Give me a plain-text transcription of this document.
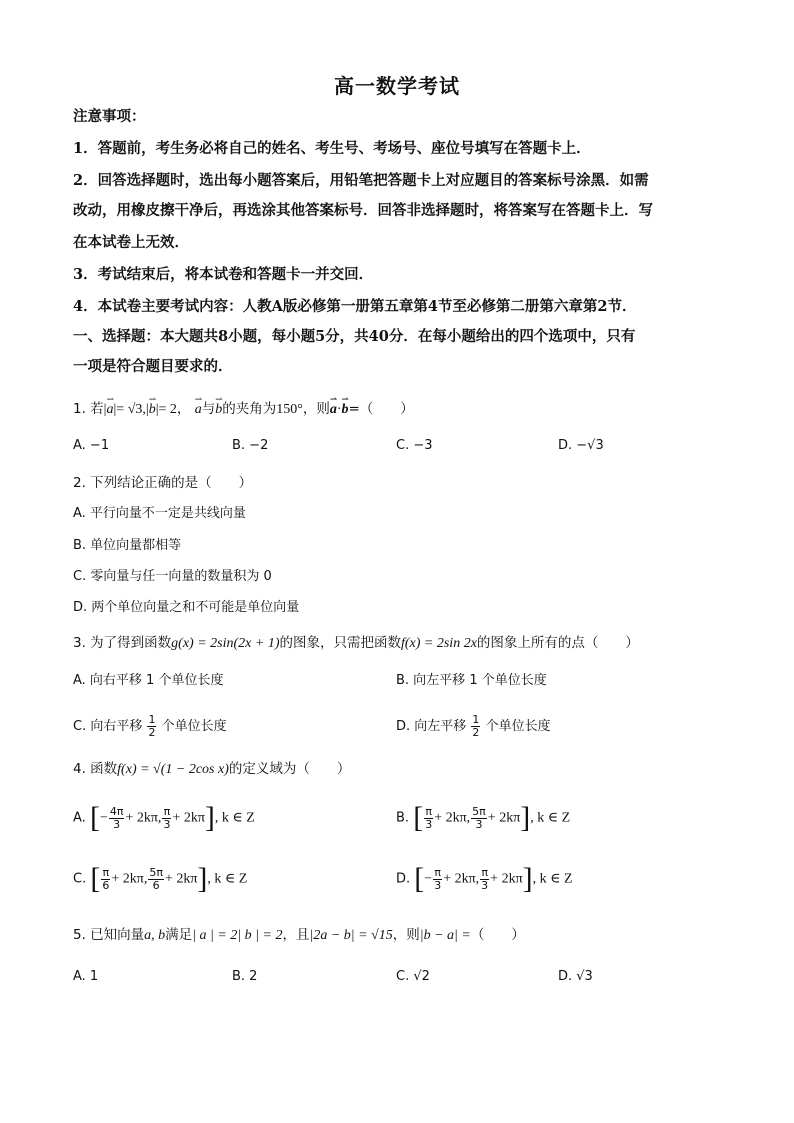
高一数学考试
注意事项：
1．答题前，考生务必将自己的姓名、考生号、考场号、座位号填写在答题卡上．
2．回答选择题时，选出每小题答案后，用铅笔把答题卡上对应题目的答案标号涂黑．如需
改动，用橡皮擦干净后，再选涂其他答案标号．回答非选择题时，将答案写在答题卡上．写
在本试卷上无效．
3．考试结束后，将本试卷和答题卡一并交回．
4．本试卷主要考试内容：人教A版必修第一册第五章第4节至必修第二册第六章第2节．
一、选择题：本大题共8小题，每小题5分，共40分．在每小题给出的四个选项中，只有
一项是符合题目要求的．
1. 若|⇀ a|= √3,|⇀ b|= 2， ⇀ a与⇀ b的夹角为150°，则⇀ a·⇀ b=（　　）
A. −1	B. −2	C. −3	D. −√3
2. 下列结论正确的是（　　）
A. 平行向量不一定是共线向量
B. 单位向量都相等
C. 零向量与任一向量的数量积为 0
D. 两个单位向量之和不可能是单位向量
3. 为了得到函数g(x) = 2sin(2x + 1)的图象，只需把函数f(x) = 2sin 2x的图象上所有的点（　　）
A. 向右平移 1 个单位长度	B. 向左平移 1 个单位长度
C. 向右平移 $\frac{1}{2}$ 个单位长度	D. 向左平移 $\frac{1}{2}$ 个单位长度
4. 函数f(x) = √(1 − 2cos x)的定义域为（　　）
A. [− $\frac{4\pi}{3} + 2k\pi$, $\frac{\pi}{3} + 2k\pi$], k ∈ Z	B. [ $\frac{\pi}{3} + 2k\pi$, $\frac{5\pi}{3} + 2k\pi$], k ∈ Z
C. [ $\frac{\pi}{6} + 2k\pi$, $\frac{5\pi}{6} + 2k\pi$], k ∈ Z	D. [− $\frac{\pi}{3} + 2k\pi$, $\frac{\pi}{3} + 2k\pi$], k ∈ Z
5. 已知向量a, b满足| a | = 2| b | = 2，且|2a − b| = √15，则|b − a| =（　　）
A. 1	B. 2	C. √2	D. √3
